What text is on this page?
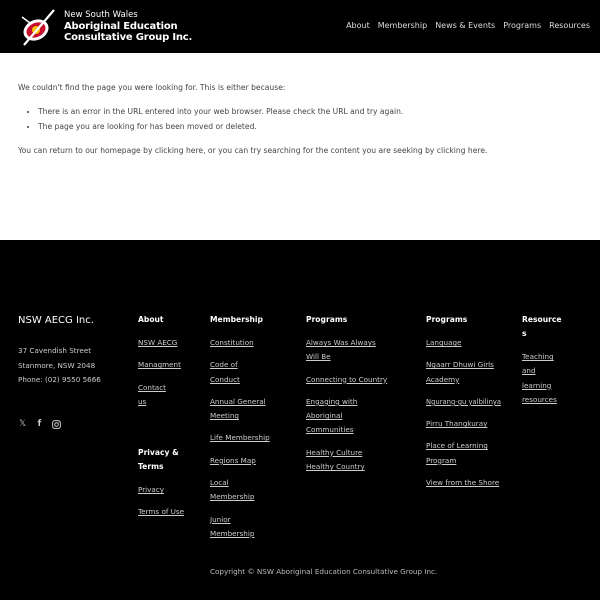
New South Wales
Aboriginal Education
Consultative Group Inc.
About Membership News & Events Programs Resources

We couldn't find the page you were looking for. This is either because:

• There is an error in the URL entered into your web browser. Please check the URL and try again.
• The page you are looking for has been moved or deleted.

You can return to our homepage by clicking here, or you can try searching for the content you are seeking by clicking here.

NSW AECG Inc.
37 Cavendish Street
Stanmore, NSW 2048
Phone: (02) 9550 5666
𝕏	f
About
NSW AECG
Managment
Contact us
Privacy & Terms
Privacy
Terms of Use
Membership
Constitution
Code of Conduct
Annual General Meeting
Life Membership
Regions Map
Local Membership
Junior Membership
Programs
Always Was Always Will Be
Connecting to Country
Engaging with Aboriginal Communities
Healthy Culture Healthy Country
Programs
Language
Ngaarr Dhuwi Girls Academy
Ngurang-gu yalbilinya
Pirru Thangkuray
Place of Learning Program
View from the Shore
Resources
Teaching and learning resources
Copyright © NSW Aboriginal Education Consultative Group Inc.
